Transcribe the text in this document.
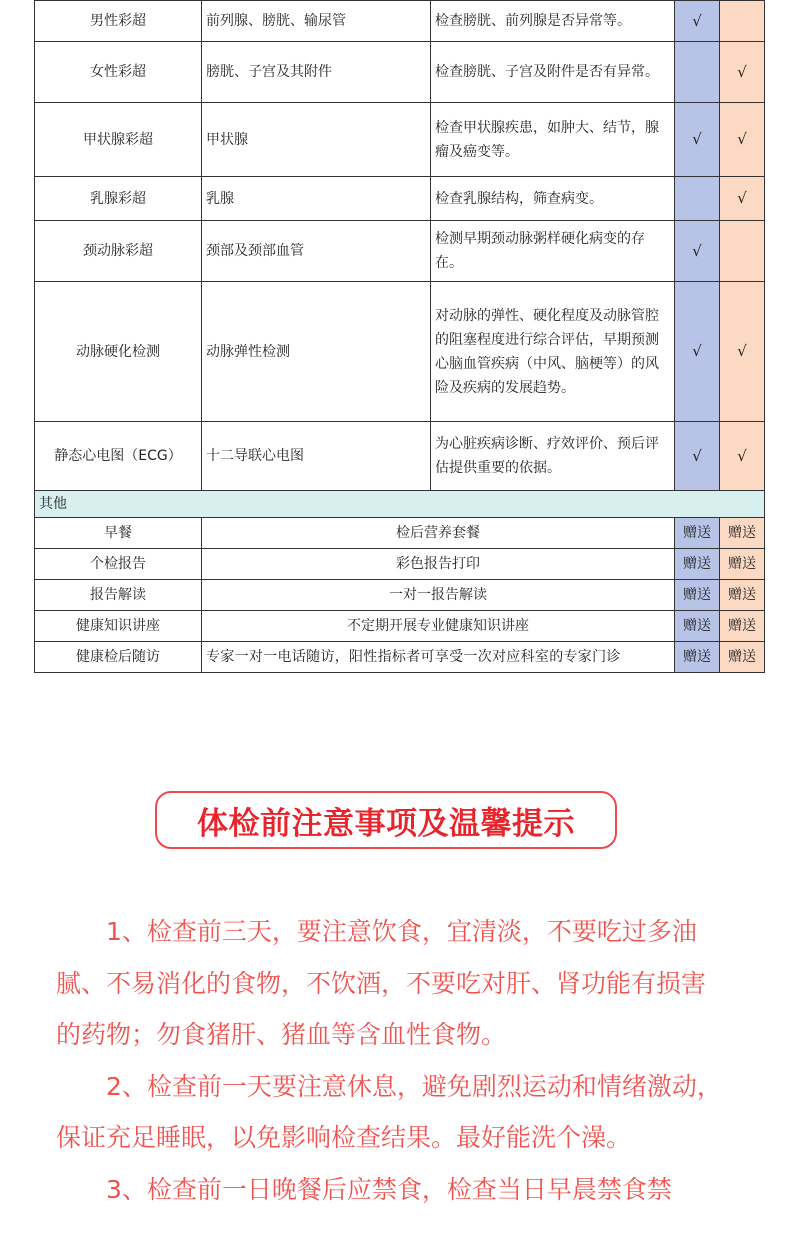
男性彩超	前列腺、膀胱、输尿管	检查膀胱、前列腺是否异常等。	√	
女性彩超	膀胱、子宫及其附件	检查膀胱、子宫及附件是否有异常。		√
甲状腺彩超	甲状腺	检查甲状腺疾患，如肿大、结节，腺瘤及癌变等。	√	√
乳腺彩超	乳腺	检查乳腺结构，筛查病变。		√
颈动脉彩超	颈部及颈部血管	检测早期颈动脉粥样硬化病变的存在。	√	
动脉硬化检测	动脉弹性检测	对动脉的弹性、硬化程度及动脉管腔的阻塞程度进行综合评估，早期预测心脑血管疾病（中风、脑梗等）的风险及疾病的发展趋势。	√	√
静态心电图（ECG）	十二导联心电图	为心脏疾病诊断、疗效评价、预后评估提供重要的依据。	√	√
其他				
早餐	检后营养套餐		赠送	赠送
个检报告	彩色报告打印		赠送	赠送
报告解读	一对一报告解读		赠送	赠送
健康知识讲座	不定期开展专业健康知识讲座		赠送	赠送
健康检后随访	专家一对一电话随访，阳性指标者可享受一次对应科室的专家门诊		赠送	赠送
体检前注意事项及温馨提示

1、检查前三天，要注意饮食，宜清淡，不要吃过多油腻、不易消化的食物，不饮酒，不要吃对肝、肾功能有损害的药物；勿食猪肝、猪血等含血性食物。

2、检查前一天要注意休息，避免剧烈运动和情绪激动，保证充足睡眠，以免影响检查结果。最好能洗个澡。

3、检查前一日晚餐后应禁食，检查当日早晨禁食禁
